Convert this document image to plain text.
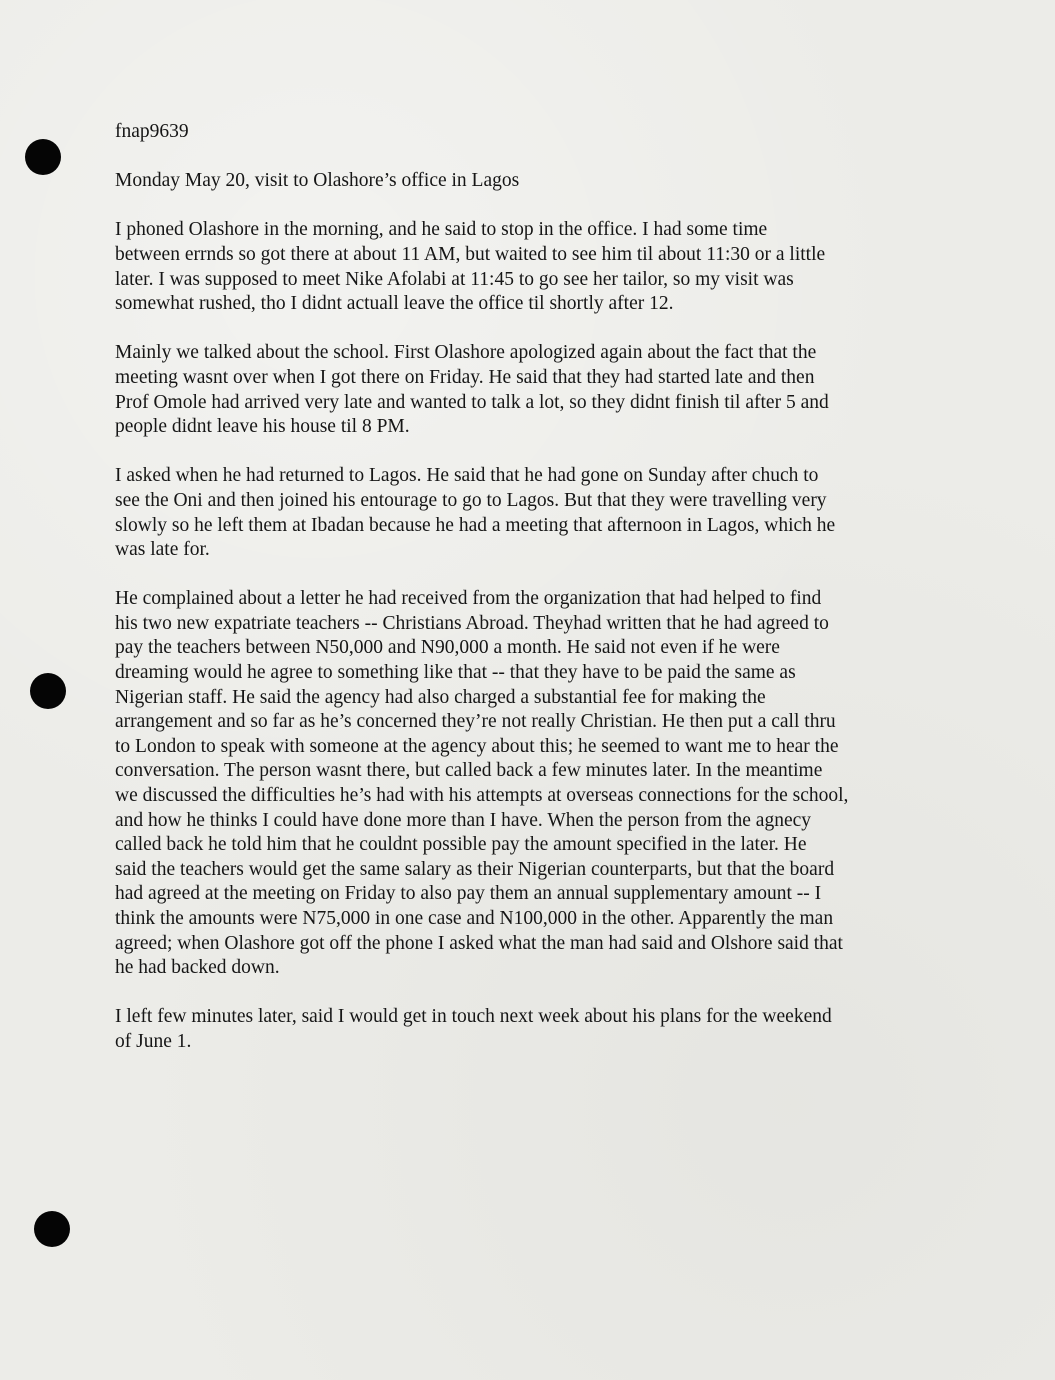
fnap9639
Monday May 20, visit to Olashore’s office in Lagos
I phoned Olashore in the morning, and he said to stop in the office. I had some time
between errnds so got there at about 11 AM, but waited to see him til about 11:30 or a little
later. I was supposed to meet Nike Afolabi at 11:45 to go see her tailor, so my visit was
somewhat rushed, tho I didnt actuall leave the office til shortly after 12.
Mainly we talked about the school. First Olashore apologized again about the fact that the
meeting wasnt over when I got there on Friday. He said that they had started late and then
Prof Omole had arrived very late and wanted to talk a lot, so they didnt finish til after 5 and
people didnt leave his house til 8 PM.
I asked when he had returned to Lagos. He said that he had gone on Sunday after chuch to
see the Oni and then joined his entourage to go to Lagos. But that they were travelling very
slowly so he left them at Ibadan because he had a meeting that afternoon in Lagos, which he
was late for.
He complained about a letter he had received from the organization that had helped to find
his two new expatriate teachers -- Christians Abroad. Theyhad written that he had agreed to
pay the teachers between N50,000 and N90,000 a month. He said not even if he were
dreaming would he agree to something like that -- that they have to be paid the same as
Nigerian staff. He said the agency had also charged a substantial fee for making the
arrangement and so far as he’s concerned they’re not really Christian. He then put a call thru
to London to speak with someone at the agency about this; he seemed to want me to hear the
conversation. The person wasnt there, but called back a few minutes later. In the meantime
we discussed the difficulties he’s had with his attempts at overseas connections for the school,
and how he thinks I could have done more than I have. When the person from the agnecy
called back he told him that he couldnt possible pay the amount specified in the later. He
said the teachers would get the same salary as their Nigerian counterparts, but that the board
had agreed at the meeting on Friday to also pay them an annual supplementary amount -- I
think the amounts were N75,000 in one case and N100,000 in the other. Apparently the man
agreed; when Olashore got off the phone I asked what the man had said and Olshore said that
he had backed down.
I left few minutes later, said I would get in touch next week about his plans for the weekend
of June 1.
